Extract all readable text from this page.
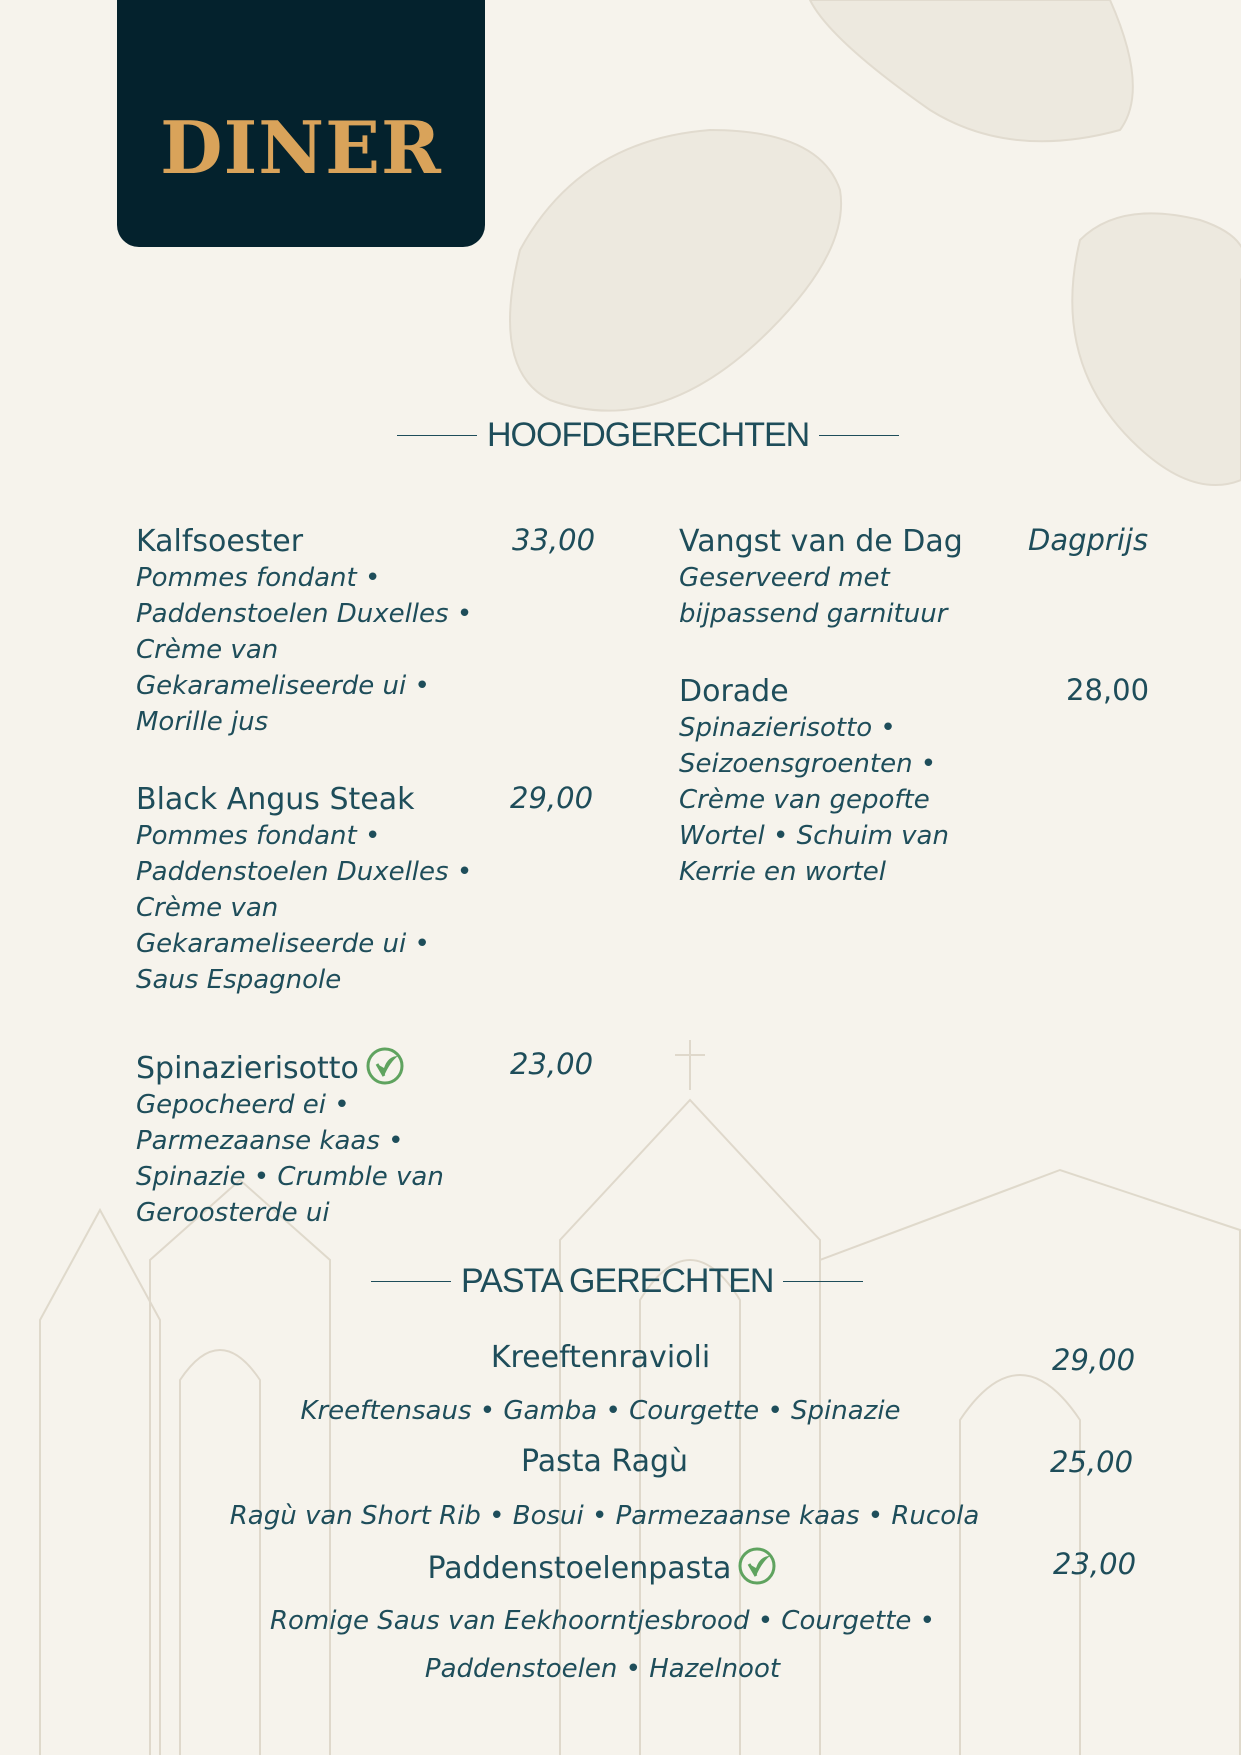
DINER
HOOFDGERECHTEN
Kalfsoester	33,00
Pommes fondant •
Paddenstoelen Duxelles •
Crème van
Gekarameliseerde ui •
Morille jus
Black Angus Steak	29,00
Pommes fondant •
Paddenstoelen Duxelles •
Crème van
Gekarameliseerde ui •
Saus Espagnole
Spinazierisotto	23,00
Gepocheerd ei •
Parmezaanse kaas •
Spinazie • Crumble van
Geroosterde ui
Vangst van de Dag	Dagprijs
Geserveerd met
bijpassend garnituur
Dorade	28,00
Spinazierisotto •
Seizoensgroenten •
Crème van gepofte
Wortel • Schuim van
Kerrie en wortel
PASTA GERECHTEN
Kreeftenravioli	29,00
Kreeftensaus • Gamba • Courgette • Spinazie
Pasta Ragù	25,00
Ragù van Short Rib • Bosui • Parmezaanse kaas • Rucola
Paddenstoelenpasta	23,00
Romige Saus van Eekhoorntjesbrood • Courgette •
Paddenstoelen • Hazelnoot
